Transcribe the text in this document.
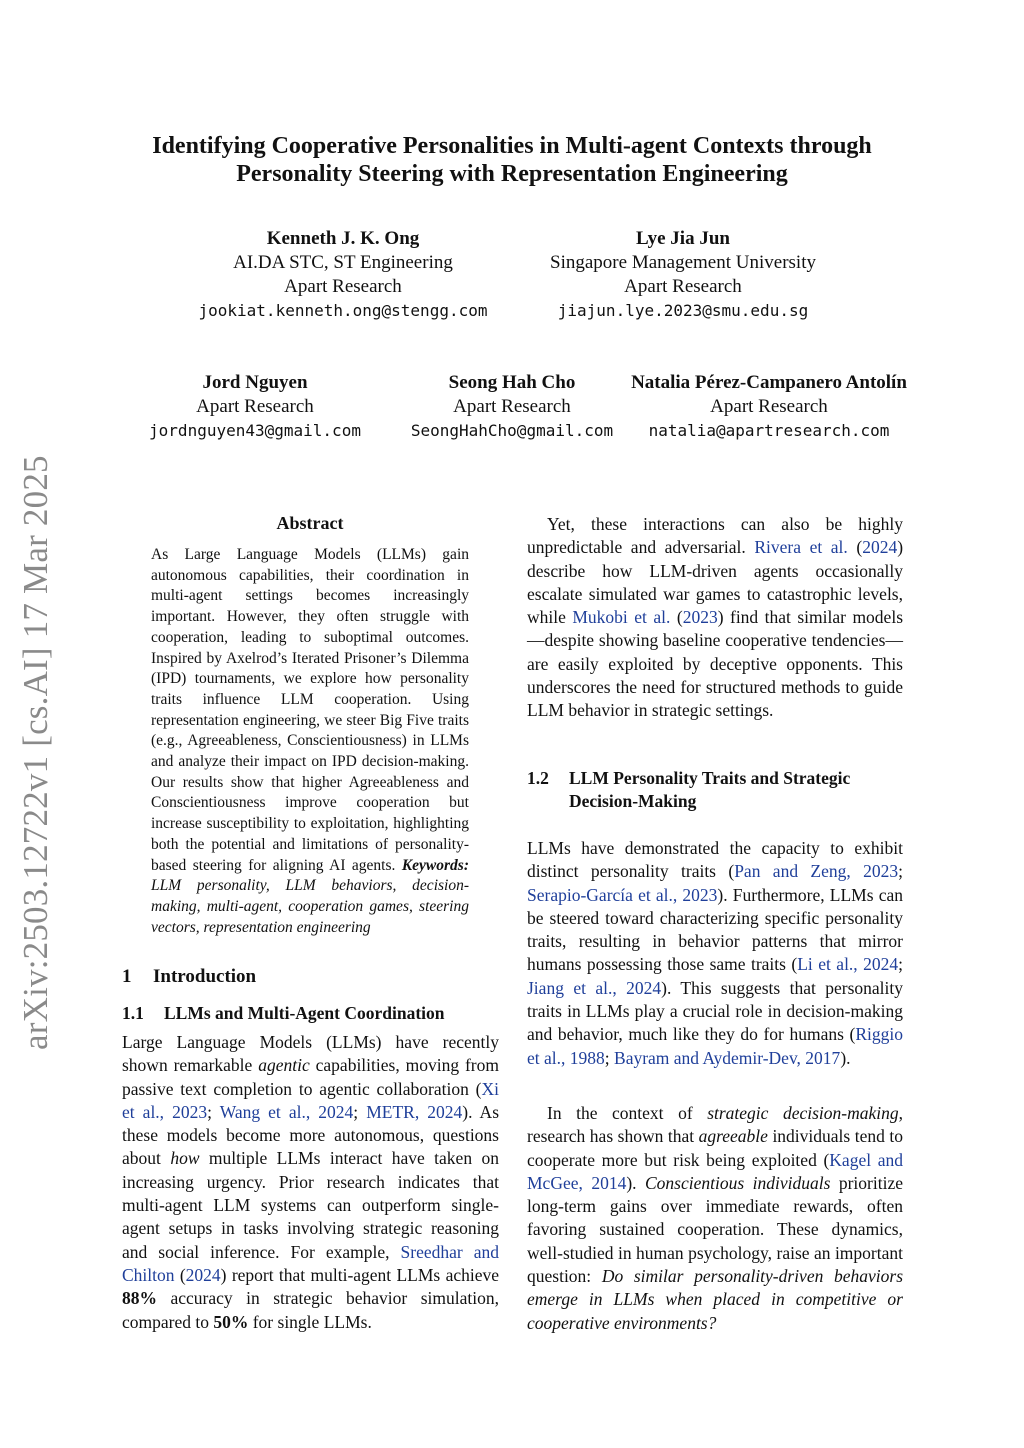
arXiv:2503.12722v1 [cs.AI] 17 Mar 2025
Identifying Cooperative Personalities in Multi-agent Contexts through
Personality Steering with Representation Engineering
Kenneth J. K. Ong
AI.DA STC, ST Engineering
Apart Research
jookiat.kenneth.ong@stengg.com
Lye Jia Jun
Singapore Management University
Apart Research
jiajun.lye.2023@smu.edu.sg
Jord Nguyen
Apart Research
jordnguyen43@gmail.com
Seong Hah Cho
Apart Research
SeongHahCho@gmail.com
Natalia Pérez-Campanero Antolín
Apart Research
natalia@apartresearch.com
Abstract
As Large Language Models (LLMs) gain autonomous capabilities, their coordination in multi-agent settings becomes increasingly important. However, they often struggle with cooperation, leading to suboptimal outcomes. Inspired by Axelrod’s Iterated Prisoner’s Dilemma (IPD) tournaments, we explore how personality traits influence LLM cooperation. Using representation engineering, we steer Big Five traits (e.g., Agreeableness, Conscientiousness) in LLMs and analyze their impact on IPD decision-making. Our results show that higher Agreeableness and Conscientiousness improve cooperation but increase susceptibility to exploitation, highlighting both the potential and limitations of personality-based steering for aligning AI agents. Keywords: LLM personality, LLM behaviors, decision-making, multi-agent, cooperation games, steering vectors, representation engineering
1 Introduction
1.1 LLMs and Multi-Agent Coordination

Large Language Models (LLMs) have recently shown remarkable agentic capabilities, moving from passive text completion to agentic collaboration (Xi et al., 2023; Wang et al., 2024; METR, 2024). As these models become more autonomous, questions about how multiple LLMs interact have taken on increasing urgency. Prior research indicates that multi-agent LLM systems can outperform single-agent setups in tasks involving strategic reasoning and social inference. For example, Sreedhar and Chilton (2024) report that multi-agent LLMs achieve 88% accuracy in strategic behavior simulation, compared to 50% for single LLMs.

Yet, these interactions can also be highly unpredictable and adversarial. Rivera et al. (2024) describe how LLM-driven agents occasionally escalate simulated war games to catastrophic levels, while Mukobi et al. (2023) find that similar models—despite showing baseline cooperative tendencies—are easily exploited by deceptive opponents. This underscores the need for structured methods to guide LLM behavior in strategic settings.

1.2	LLM Personality Traits and Strategic Decision-Making

LLMs have demonstrated the capacity to exhibit distinct personality traits (Pan and Zeng, 2023; Serapio-García et al., 2023). Furthermore, LLMs can be steered toward characterizing specific personality traits, resulting in behavior patterns that mirror humans possessing those same traits (Li et al., 2024; Jiang et al., 2024). This suggests that personality traits in LLMs play a crucial role in decision-making and behavior, much like they do for humans (Riggio et al., 1988; Bayram and Aydemir-Dev, 2017).

In the context of strategic decision-making, research has shown that agreeable individuals tend to cooperate more but risk being exploited (Kagel and McGee, 2014). Conscientious individuals prioritize long-term gains over immediate rewards, often favoring sustained cooperation. These dynamics, well-studied in human psychology, raise an important question: Do similar personality-driven behaviors emerge in LLMs when placed in competitive or cooperative environments?
